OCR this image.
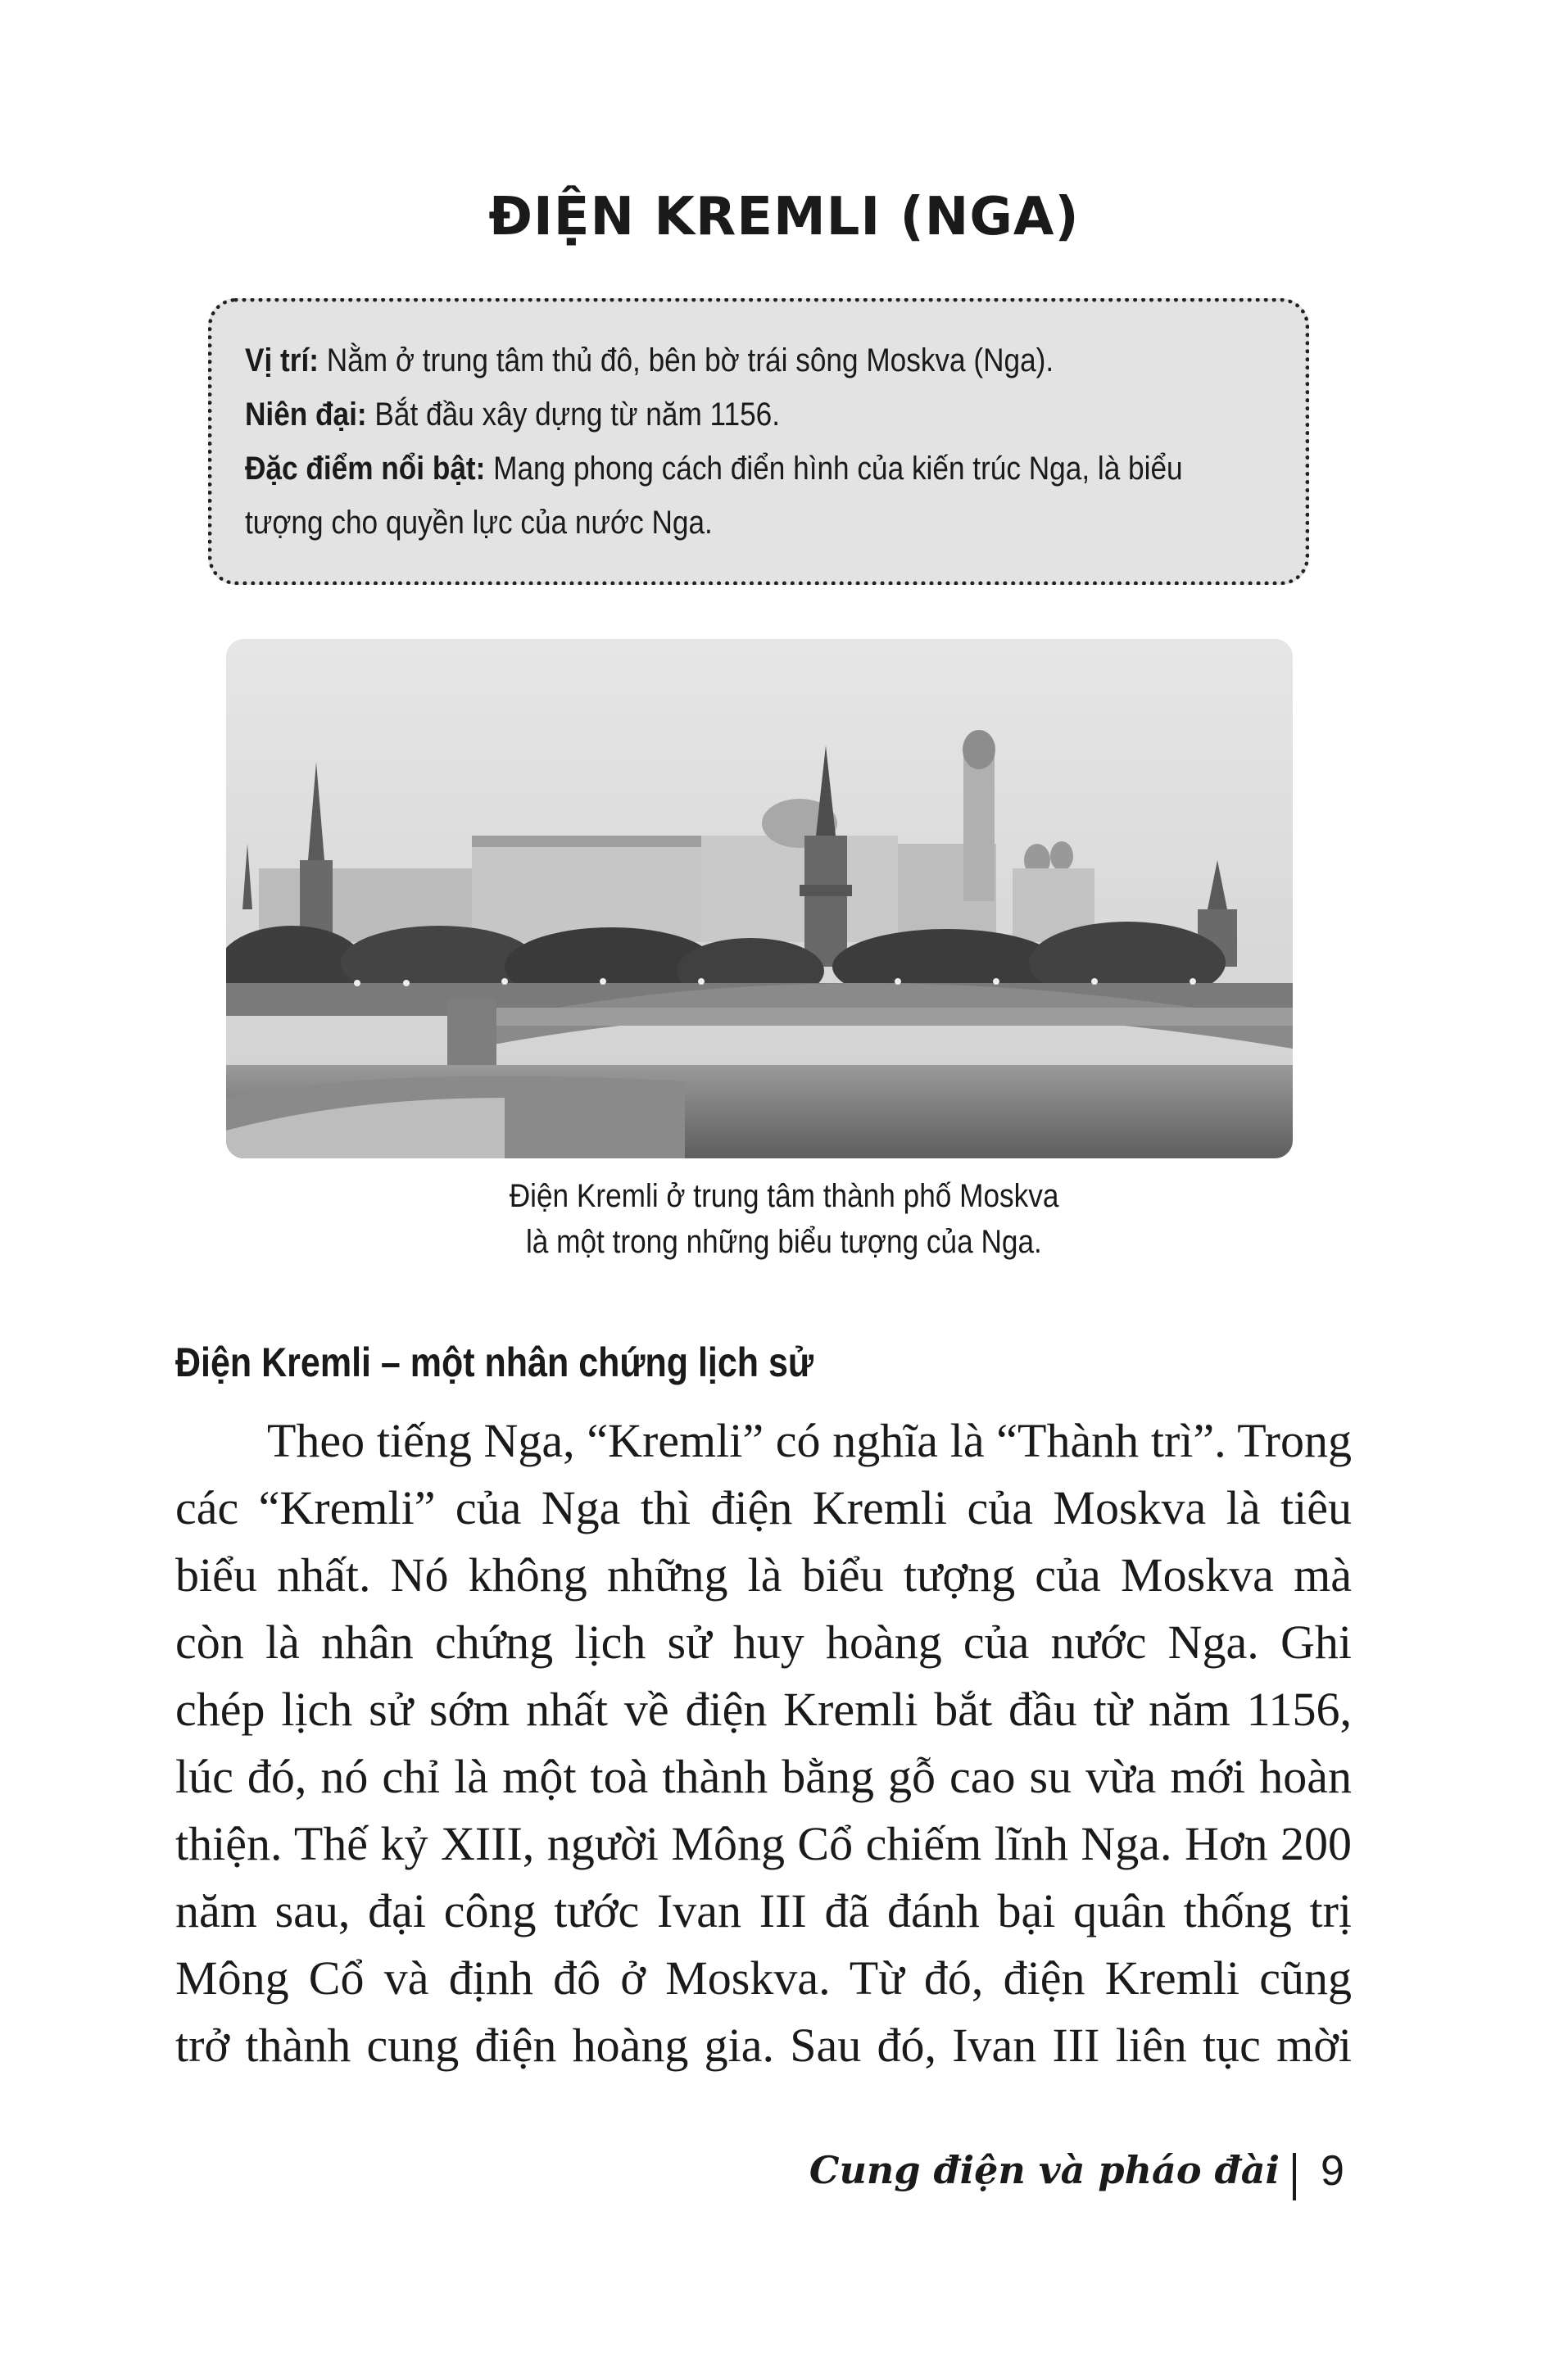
ĐIỆN KREMLI (NGA)
Vị trí: Nằm ở trung tâm thủ đô, bên bờ trái sông Moskva (Nga).
Niên đại: Bắt đầu xây dựng từ năm 1156.
Đặc điểm nổi bật: Mang phong cách điển hình của kiến trúc Nga, là biểu
tượng cho quyền lực của nước Nga.
Điện Kremli ở trung tâm thành phố Moskva
là một trong những biểu tượng của Nga.
Điện Kremli – một nhân chứng lịch sử
Theo tiếng Nga, “Kremli” có nghĩa là “Thành trì”. Trong
các “Kremli” của Nga thì điện Kremli của Moskva là tiêu
biểu nhất. Nó không những là biểu tượng của Moskva mà
còn là nhân chứng lịch sử huy hoàng của nước Nga. Ghi
chép lịch sử sớm nhất về điện Kremli bắt đầu từ năm 1156,
lúc đó, nó chỉ là một toà thành bằng gỗ cao su vừa mới hoàn
thiện. Thế kỷ XIII, người Mông Cổ chiếm lĩnh Nga. Hơn 200
năm sau, đại công tước Ivan III đã đánh bại quân thống trị
Mông Cổ và định đô ở Moskva. Từ đó, điện Kremli cũng
trở thành cung điện hoàng gia. Sau đó, Ivan III liên tục mời
Cung điện và pháo đài 9
